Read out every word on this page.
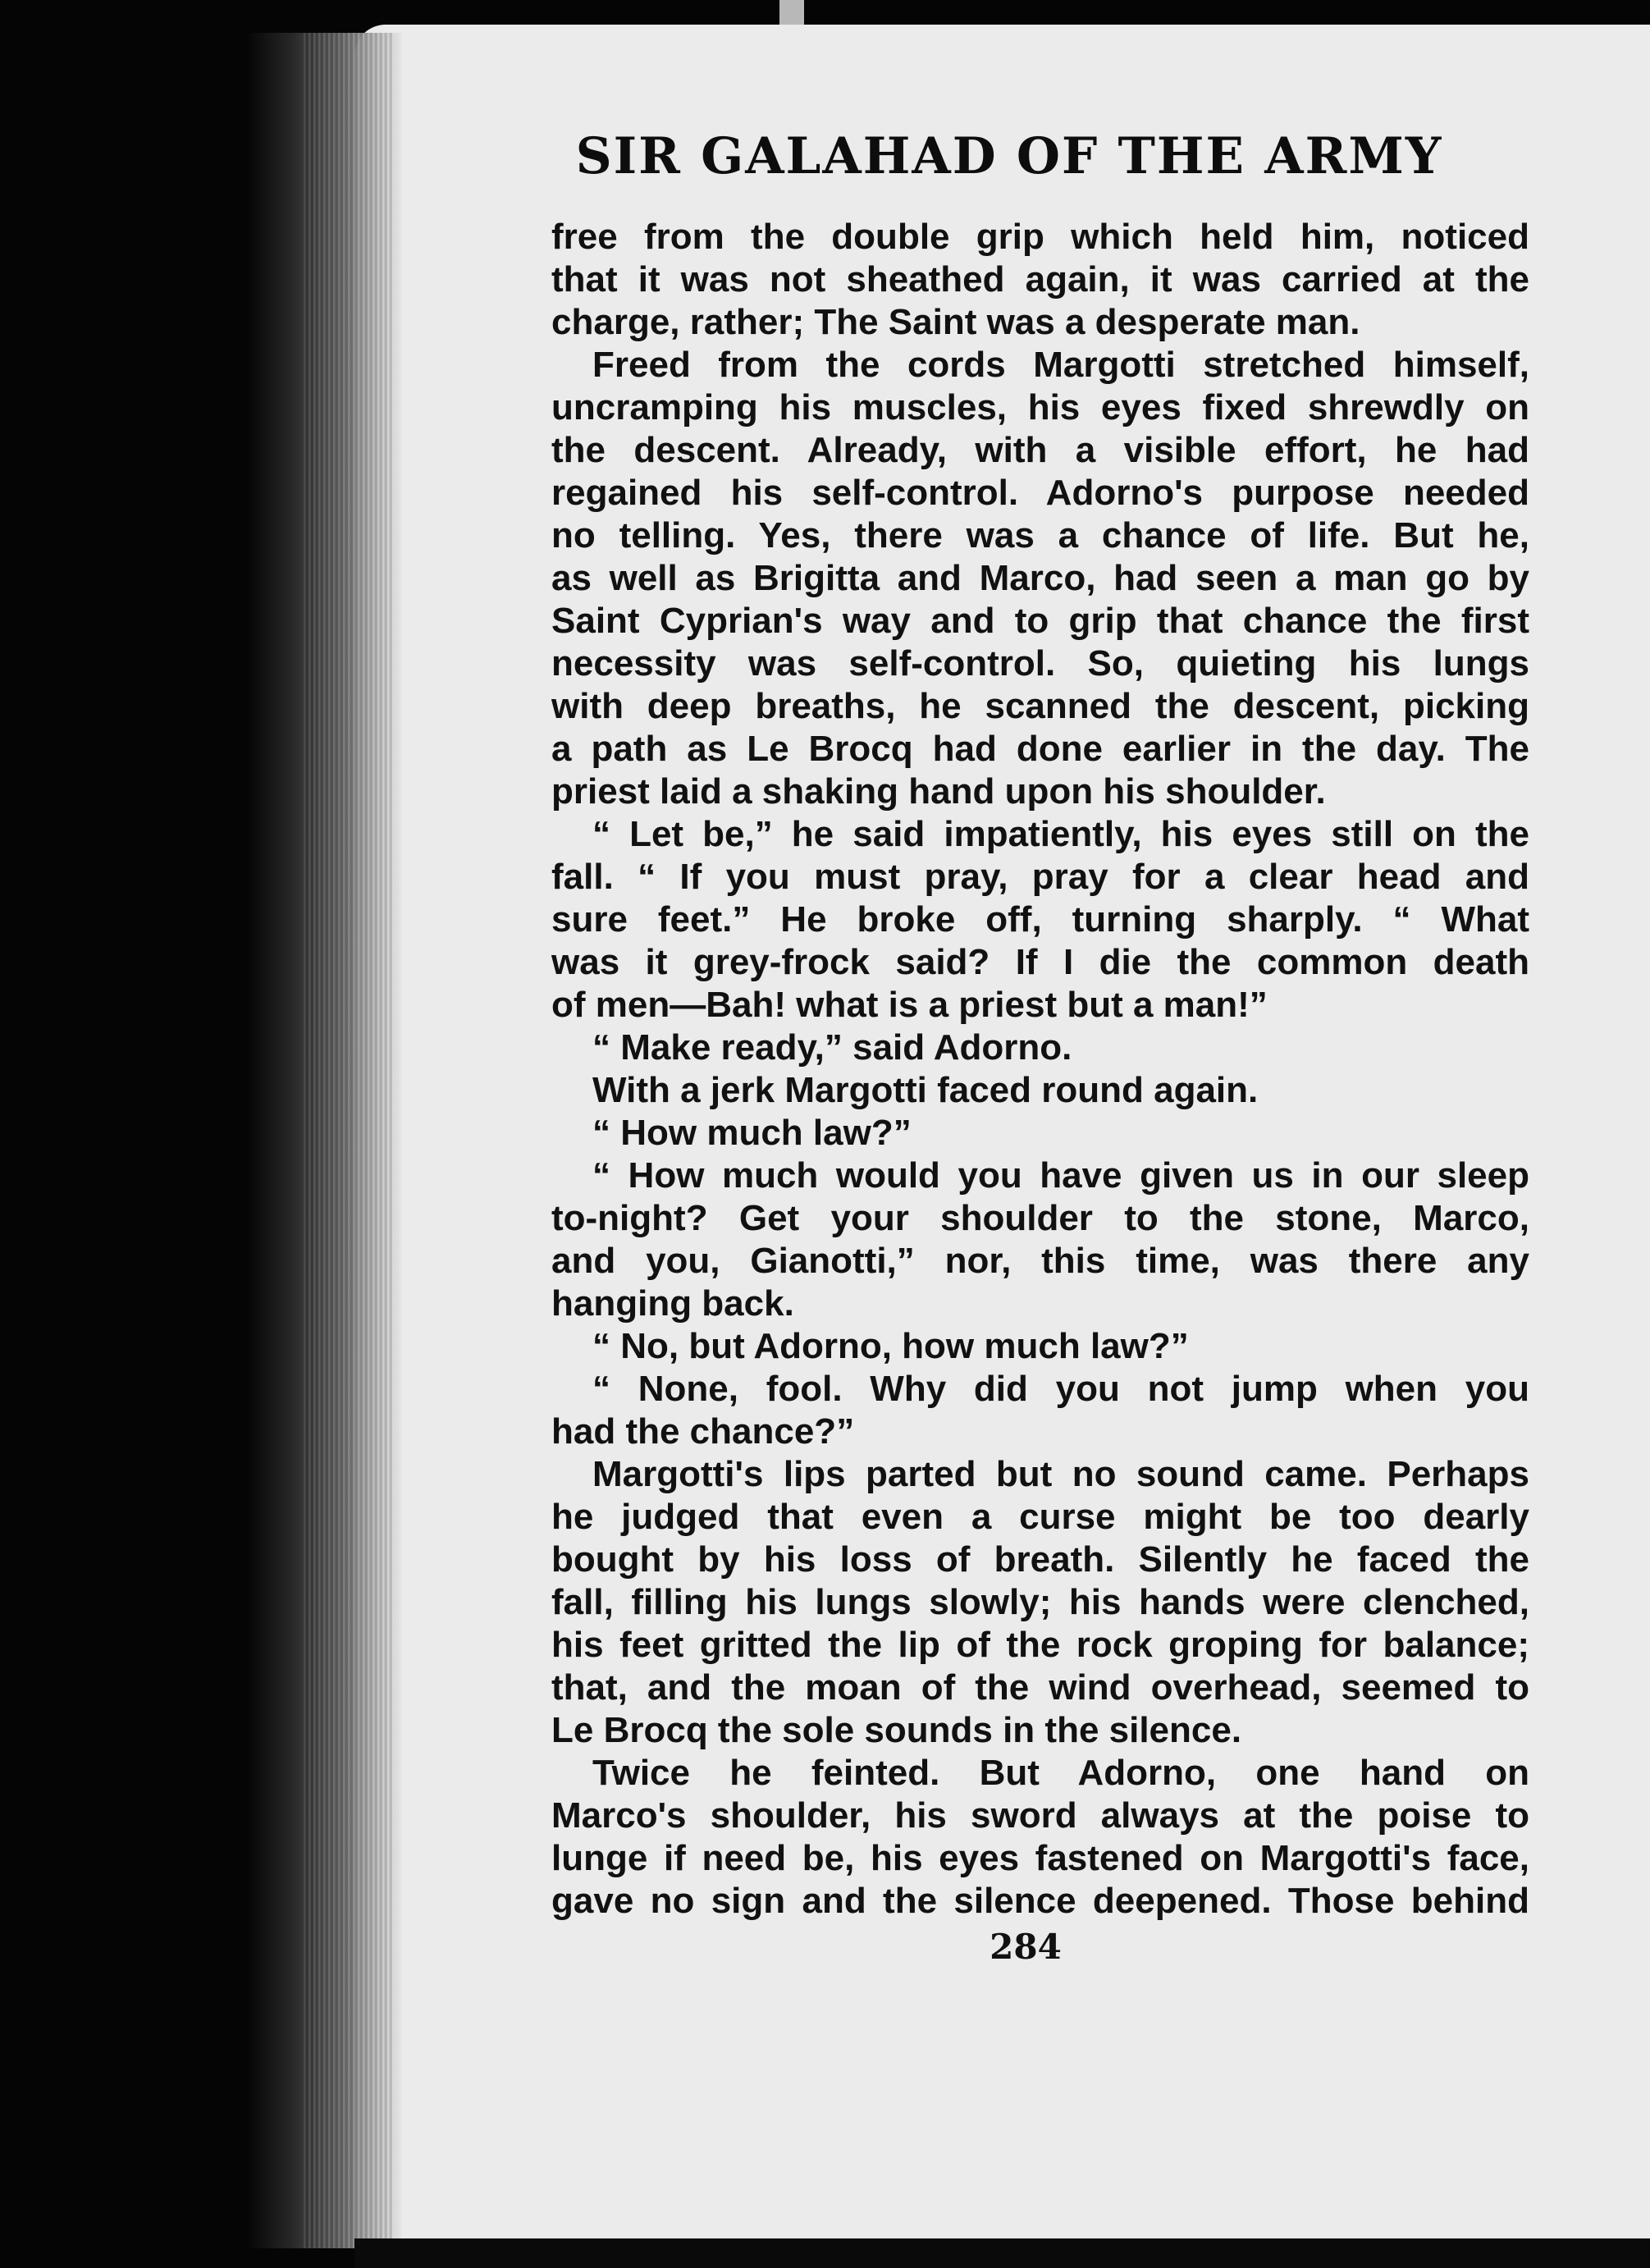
SIR GALAHAD OF THE ARMY
free from the double grip which held him, noticed
that it was not sheathed again, it was carried at the
charge, rather; The Saint was a desperate man.
Freed from the cords Margotti stretched himself,
uncramping his muscles, his eyes fixed shrewdly on
the descent. Already, with a visible effort, he had
regained his self-control. Adorno's purpose needed
no telling. Yes, there was a chance of life. But he,
as well as Brigitta and Marco, had seen a man go by
Saint Cyprian's way and to grip that chance the first
necessity was self-control. So, quieting his lungs
with deep breaths, he scanned the descent, picking
a path as Le Brocq had done earlier in the day. The
priest laid a shaking hand upon his shoulder.
“ Let be,” he said impatiently, his eyes still on the
fall. “ If you must pray, pray for a clear head and
sure feet.” He broke off, turning sharply. “ What
was it grey-frock said? If I die the common death
of men—Bah! what is a priest but a man!”
“ Make ready,” said Adorno.
With a jerk Margotti faced round again.
“ How much law?”
“ How much would you have given us in our sleep
to-night? Get your shoulder to the stone, Marco,
and you, Gianotti,” nor, this time, was there any
hanging back.
“ No, but Adorno, how much law?”
“ None, fool. Why did you not jump when you
had the chance?”
Margotti's lips parted but no sound came. Perhaps
he judged that even a curse might be too dearly
bought by his loss of breath. Silently he faced the
fall, filling his lungs slowly; his hands were clenched,
his feet gritted the lip of the rock groping for balance;
that, and the moan of the wind overhead, seemed to
Le Brocq the sole sounds in the silence.
Twice he feinted. But Adorno, one hand on
Marco's shoulder, his sword always at the poise to
lunge if need be, his eyes fastened on Margotti's face,
gave no sign and the silence deepened. Those behind

284
